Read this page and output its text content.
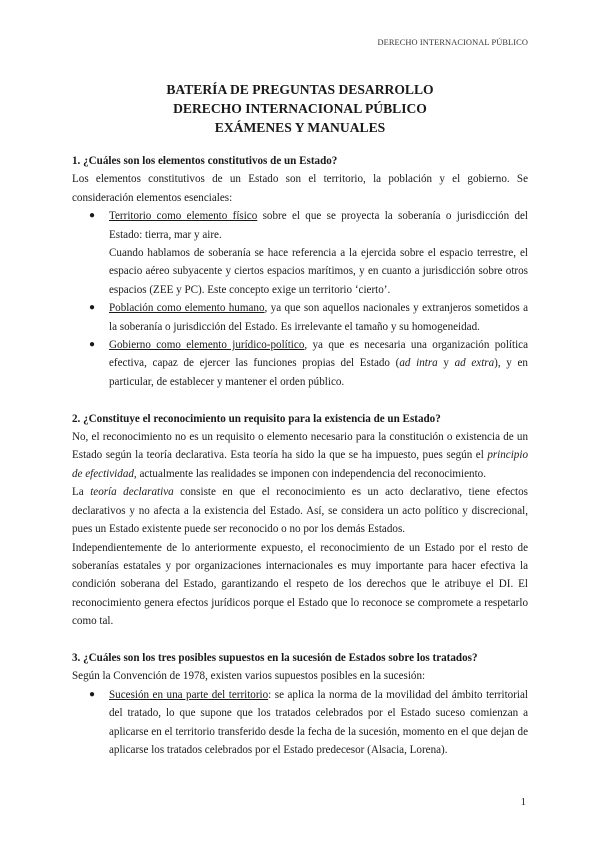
DERECHO INTERNACIONAL PÚBLICO
BATERÍA DE PREGUNTAS DESARROLLO
DERECHO INTERNACIONAL PÚBLICO
EXÁMENES Y MANUALES

1. ¿Cuáles son los elementos constitutivos de un Estado?

Los elementos constitutivos de un Estado son el territorio, la población y el gobierno. Se consideración elementos esenciales:

● Territorio como elemento físico sobre el que se proyecta la soberanía o jurisdicción del Estado: tierra, mar y aire.
Cuando hablamos de soberanía se hace referencia a la ejercida sobre el espacio terrestre, el espacio aéreo subyacente y ciertos espacios marítimos, y en cuanto a jurisdicción sobre otros espacios (ZEE y PC). Este concepto exige un territorio ‘cierto’.
● Población como elemento humano, ya que son aquellos nacionales y extranjeros sometidos a la soberanía o jurisdicción del Estado. Es irrelevante el tamaño y su homogeneidad.
● Gobierno como elemento jurídico-político, ya que es necesaria una organización política efectiva, capaz de ejercer las funciones propias del Estado (ad intra y ad extra), y en particular, de establecer y mantener el orden público.

2. ¿Constituye el reconocimiento un requisito para la existencia de un Estado?

No, el reconocimiento no es un requisito o elemento necesario para la constitución o existencia de un Estado según la teoría declarativa. Esta teoría ha sido la que se ha impuesto, pues según el principio de efectividad, actualmente las realidades se imponen con independencia del reconocimiento.

La teoría declarativa consiste en que el reconocimiento es un acto declarativo, tiene efectos declarativos y no afecta a la existencia del Estado. Así, se considera un acto político y discrecional, pues un Estado existente puede ser reconocido o no por los demás Estados.

Independientemente de lo anteriormente expuesto, el reconocimiento de un Estado por el resto de soberanías estatales y por organizaciones internacionales es muy importante para hacer efectiva la condición soberana del Estado, garantizando el respeto de los derechos que le atribuye el DI. El reconocimiento genera efectos jurídicos porque el Estado que lo reconoce se compromete a respetarlo como tal.

3. ¿Cuáles son los tres posibles supuestos en la sucesión de Estados sobre los tratados?

Según la Convención de 1978, existen varios supuestos posibles en la sucesión:

● Sucesión en una parte del territorio: se aplica la norma de la movilidad del ámbito territorial del tratado, lo que supone que los tratados celebrados por el Estado suceso comienzan a aplicarse en el territorio transferido desde la fecha de la sucesión, momento en el que dejan de aplicarse los tratados celebrados por el Estado predecesor (Alsacia, Lorena).
1
